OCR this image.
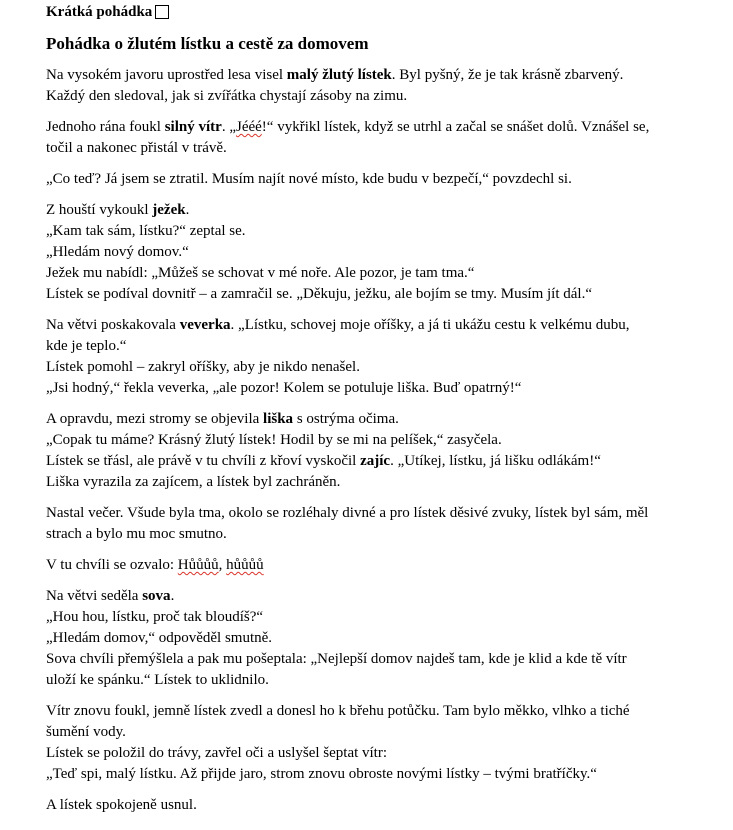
Krátká pohádka
Pohádka o žlutém lístku a cestě za domovem

Na vysokém javoru uprostřed lesa visel malý žlutý lístek. Byl pyšný, že je tak krásně zbarvený.
Každý den sledoval, jak si zvířátka chystají zásoby na zimu.

Jednoho rána foukl silný vítr. „Jééé!“ vykřikl lístek, když se utrhl a začal se snášet dolů. Vznášel se,
točil a nakonec přistál v trávě.

„Co teď? Já jsem se ztratil. Musím najít nové místo, kde budu v bezpečí,“ povzdechl si.

Z houští vykoukl ježek.
„Kam tak sám, lístku?“ zeptal se.
„Hledám nový domov.“
Ježek mu nabídl: „Můžeš se schovat v mé noře. Ale pozor, je tam tma.“
Lístek se podíval dovnitř – a zamračil se. „Děkuju, ježku, ale bojím se tmy. Musím jít dál.“

Na větvi poskakovala veverka. „Lístku, schovej moje oříšky, a já ti ukážu cestu k velkému dubu,
kde je teplo.“
Lístek pomohl – zakryl oříšky, aby je nikdo nenašel.
„Jsi hodný,“ řekla veverka, „ale pozor! Kolem se potuluje liška. Buď opatrný!“

A opravdu, mezi stromy se objevila liška s ostrýma očima.
„Copak tu máme? Krásný žlutý lístek! Hodil by se mi na pelíšek,“ zasyčela.
Lístek se třásl, ale právě v tu chvíli z křoví vyskočil zajíc. „Utíkej, lístku, já lišku odlákám!“
Liška vyrazila za zajícem, a lístek byl zachráněn.

Nastal večer. Všude byla tma, okolo se rozléhaly divné a pro lístek děsivé zvuky, lístek byl sám, měl
strach a bylo mu moc smutno.

V tu chvíli se ozvalo: Hůůůů, hůůůů

Na větvi seděla sova.
„Hou hou, lístku, proč tak bloudíš?“
„Hledám domov,“ odpověděl smutně.
Sova chvíli přemýšlela a pak mu pošeptala: „Nejlepší domov najdeš tam, kde je klid a kde tě vítr
uloží ke spánku.“ Lístek to uklidnilo.

Vítr znovu foukl, jemně lístek zvedl a donesl ho k břehu potůčku. Tam bylo měkko, vlhko a tiché
šumění vody.
Lístek se položil do trávy, zavřel oči a uslyšel šeptat vítr:
„Teď spi, malý lístku. Až přijde jaro, strom znovu obroste novými lístky – tvými bratříčky.“

A lístek spokojeně usnul.
